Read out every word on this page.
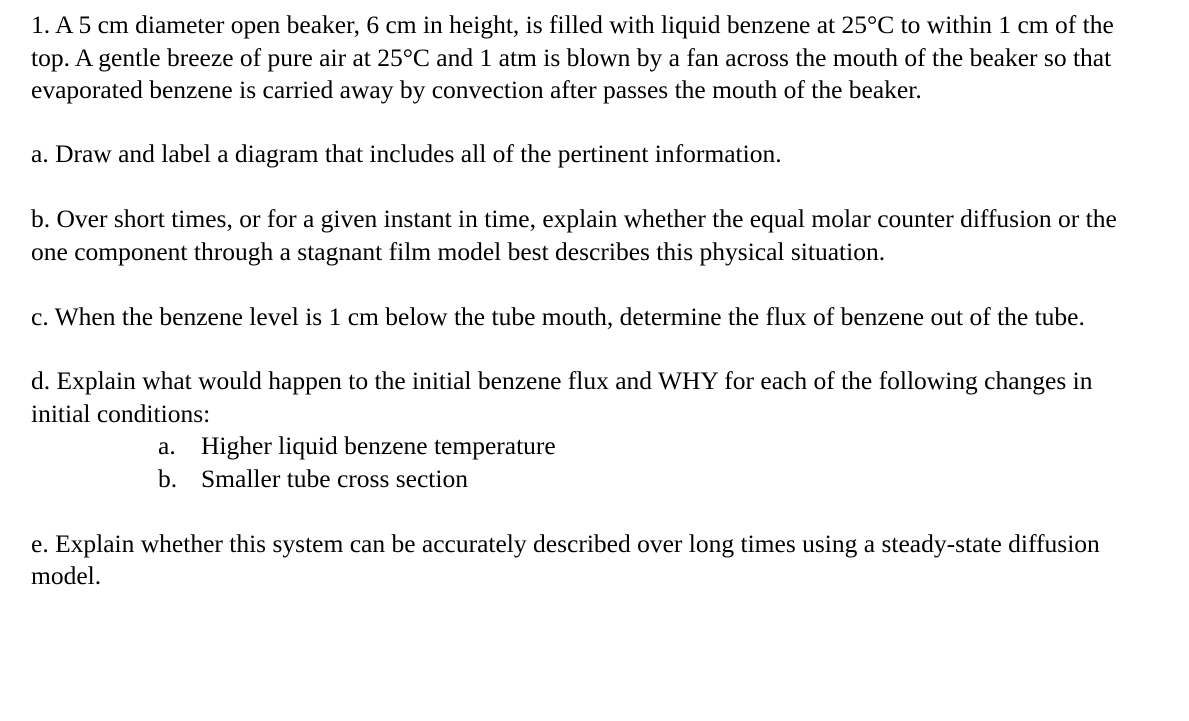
1. A 5 cm diameter open beaker, 6 cm in height, is filled with liquid benzene at 25°C to within 1 cm of the top. A gentle breeze of pure air at 25°C and 1 atm is blown by a fan across the mouth of the beaker so that evaporated benzene is carried away by convection after passes the mouth of the beaker.

a. Draw and label a diagram that includes all of the pertinent information.

b. Over short times, or for a given instant in time, explain whether the equal molar counter diffusion or the one component through a stagnant film model best describes this physical situation.

c. When the benzene level is 1 cm below the tube mouth, determine the flux of benzene out of the tube.

d. Explain what would happen to the initial benzene flux and WHY for each of the following changes in initial conditions:

a. Higher liquid benzene temperature
b. Smaller tube cross section

e. Explain whether this system can be accurately described over long times using a steady-state diffusion model.
